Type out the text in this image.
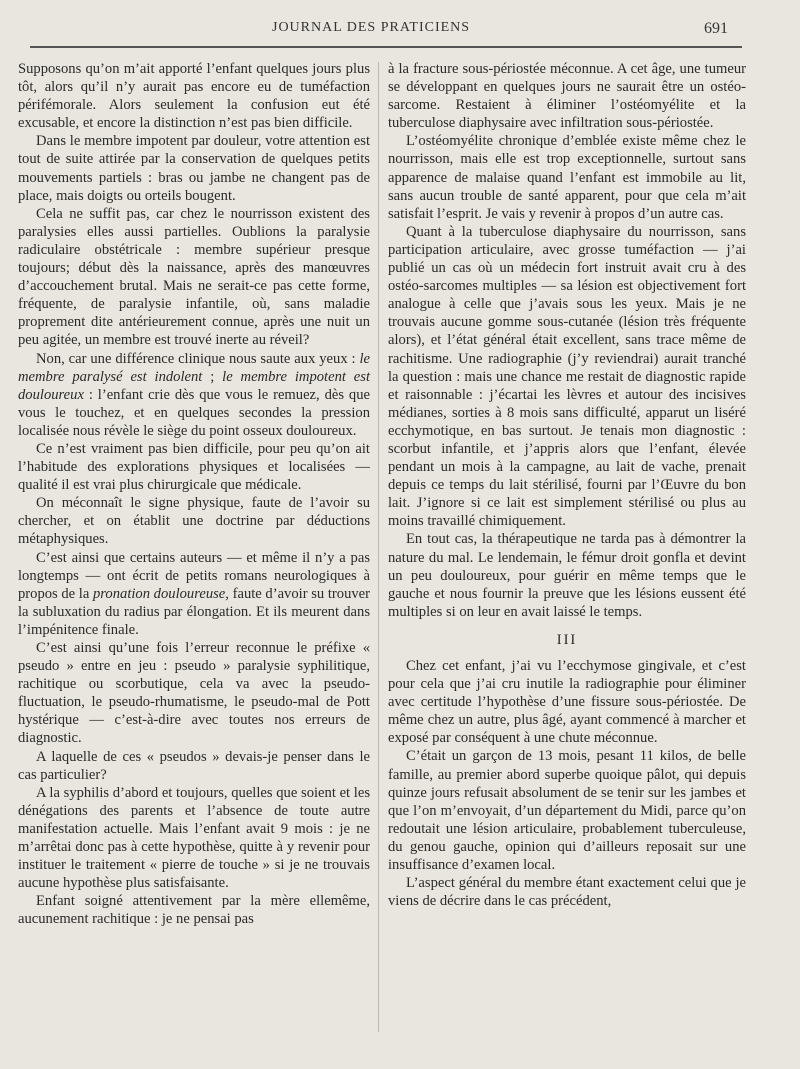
JOURNAL DES PRATICIENS	691

Supposons qu’on m’ait apporté l’enfant quelques jours plus tôt, alors qu’il n’y aurait pas encore eu de tuméfaction périfémorale. Alors seulement la confusion eut été excusable, et encore la distinction n’est pas bien difficile.

Dans le membre impotent par douleur, votre attention est tout de suite attirée par la conservation de quelques petits mouvements partiels : bras ou jambe ne changent pas de place, mais doigts ou orteils bougent.

Cela ne suffit pas, car chez le nourrisson existent des paralysies elles aussi partielles. Oublions la paralysie radiculaire obstétricale : membre supérieur presque toujours; début dès la naissance, après des manœuvres d’accouchement brutal. Mais ne serait-ce pas cette forme, fréquente, de paralysie infantile, où, sans maladie proprement dite antérieurement connue, après une nuit un peu agitée, un membre est trouvé inerte au réveil?

Non, car une différence clinique nous saute aux yeux : le membre paralysé est indolent ; le membre impotent est douloureux : l’enfant crie dès que vous le remuez, dès que vous le touchez, et en quelques secondes la pression localisée nous révèle le siège du point osseux douloureux.

Ce n’est vraiment pas bien difficile, pour peu qu’on ait l’habitude des explorations physiques et localisées — qualité il est vrai plus chirurgicale que médicale.

On méconnaît le signe physique, faute de l’avoir su chercher, et on établit une doctrine par déductions métaphysiques.

C’est ainsi que certains auteurs — et même il n’y a pas longtemps — ont écrit de petits romans neurologiques à propos de la pronation douloureuse, faute d’avoir su trouver la subluxation du radius par élongation. Et ils meurent dans l’impénitence finale.

C’est ainsi qu’une fois l’erreur reconnue le préfixe « pseudo » entre en jeu : pseudo » paralysie syphilitique, rachitique ou scorbutique, cela va avec la pseudo-fluctuation, le pseudo-rhumatisme, le pseudo-mal de Pott hystérique — c’est-à-dire avec toutes nos erreurs de diagnostic.

A laquelle de ces « pseudos » devais-je penser dans le cas particulier?

A la syphilis d’abord et toujours, quelles que soient et les dénégations des parents et l’absence de toute autre manifestation actuelle. Mais l’enfant avait 9 mois : je ne m’arrêtai donc pas à cette hypothèse, quitte à y revenir pour instituer le traitement « pierre de touche » si je ne trouvais aucune hypothèse plus satisfaisante.

Enfant soigné attentivement par la mère ellemême, aucunement rachitique : je ne pensai pas

à la fracture sous-périostée méconnue. A cet âge, une tumeur se développant en quelques jours ne saurait être un ostéo-sarcome. Restaient à éliminer l’ostéomyélite et la tuberculose diaphysaire avec infiltration sous-périostée.

L’ostéomyélite chronique d’emblée existe même chez le nourrisson, mais elle est trop exceptionnelle, surtout sans apparence de malaise quand l’enfant est immobile au lit, sans aucun trouble de santé apparent, pour que cela m’ait satisfait l’esprit. Je vais y revenir à propos d’un autre cas.

Quant à la tuberculose diaphysaire du nourrisson, sans participation articulaire, avec grosse tuméfaction — j’ai publié un cas où un médecin fort instruit avait cru à des ostéo-sarcomes multiples — sa lésion est objectivement fort analogue à celle que j’avais sous les yeux. Mais je ne trouvais aucune gomme sous-cutanée (lésion très fréquente alors), et l’état général était excellent, sans trace même de rachitisme. Une radiographie (j’y reviendrai) aurait tranché la question : mais une chance me restait de diagnostic rapide et raisonnable : j’écartai les lèvres et autour des incisives médianes, sorties à 8 mois sans difficulté, apparut un liséré ecchymotique, en bas surtout. Je tenais mon diagnostic : scorbut infantile, et j’appris alors que l’enfant, élevée pendant un mois à la campagne, au lait de vache, prenait depuis ce temps du lait stérilisé, fourni par l’Œuvre du bon lait. J’ignore si ce lait est simplement stérilisé ou plus au moins travaillé chimiquement.

En tout cas, la thérapeutique ne tarda pas à démontrer la nature du mal. Le lendemain, le fémur droit gonfla et devint un peu douloureux, pour guérir en même temps que le gauche et nous fournir la preuve que les lésions eussent été multiples si on leur en avait laissé le temps.

III

Chez cet enfant, j’ai vu l’ecchymose gingivale, et c’est pour cela que j’ai cru inutile la radiographie pour éliminer avec certitude l’hypothèse d’une fissure sous-périostée. De même chez un autre, plus âgé, ayant commencé à marcher et exposé par conséquent à une chute méconnue.

C’était un garçon de 13 mois, pesant 11 kilos, de belle famille, au premier abord superbe quoique pâlot, qui depuis quinze jours refusait absolument de se tenir sur les jambes et que l’on m’envoyait, d’un département du Midi, parce qu’on redoutait une lésion articulaire, probablement tuberculeuse, du genou gauche, opinion qui d’ailleurs reposait sur une insuffisance d’examen local.

L’aspect général du membre étant exactement celui que je viens de décrire dans le cas précédent,
